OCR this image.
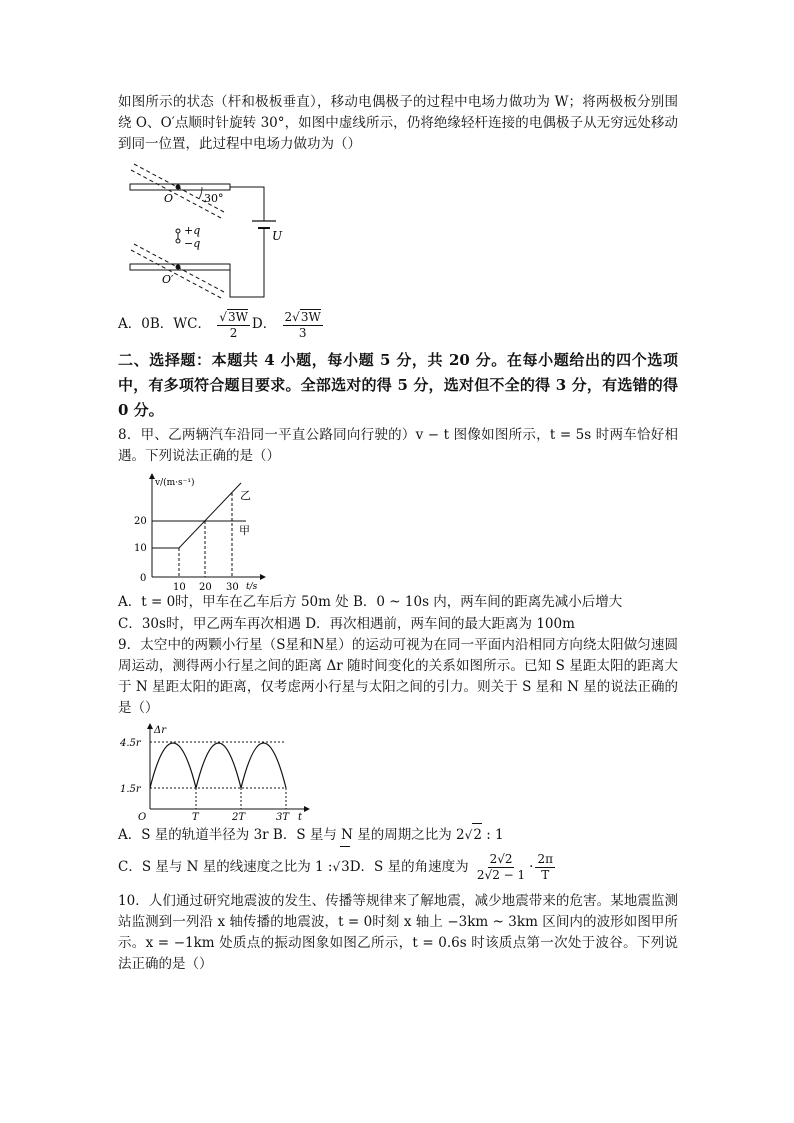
如图所示的状态（杆和极板垂直），移动电偶极子的过程中电场力做功为 W；将两极板分别围绕 O、O′点顺时针旋转 30°，如图中虚线所示，仍将绝缘轻杆连接的电偶极子从无穷远处移动到同一位置，此过程中电场力做功为（）

30°
O
O′
+q
−q
U

A．0B．WC． $\frac{√3W}{2}$ D． $\frac{2√3W}{3}$

二、选择题：本题共 4 小题，每小题 5 分，共 20 分。在每小题给出的四个选项中，有多项符合题目要求。全部选对的得 5 分，选对但不全的得 3 分，有选错的得 0 分。

8．甲、乙两辆汽车沿同一平直公路同向行驶的）v − t 图像如图所示，t = 5s 时两车恰好相遇。下列说法正确的是（）

v/(m·s⁻¹)
t/s
0
20
10
10 20 30
乙
甲

A．t = 0时，甲车在乙车后方 50m 处 B．0 ~ 10s 内，两车间的距离先减小后增大

C．30s时，甲乙两车再次相遇 D．再次相遇前，两车间的最大距离为 100m

9．太空中的两颗小行星（S星和N星）的运动可视为在同一平面内沿相同方向绕太阳做匀速圆周运动，测得两小行星之间的距离 Δr 随时间变化的关系如图所示。已知 S 星距太阳的距离大于 N 星距太阳的距离，仅考虑两小行星与太阳之间的引力。则关于 S 星和 N 星的说法正确的是（）

Δr
4.5r
1.5r
O	T	2T	3T t

A．S 星的轨道半径为 3r B．S 星与 N 星的周期之比为 2√2 : 1

C．S 星与 N 星的线速度之比为 1 :√3D．S 星的角速度为 $\frac{2√2}{2√2 - 1} \cdot \frac{2\pi}{T}$

10．人们通过研究地震波的发生、传播等规律来了解地震，减少地震带来的危害。某地震监测站监测到一列沿 x 轴传播的地震波，t = 0时刻 x 轴上 −3km ~ 3km 区间内的波形如图甲所示。x = −1km 处质点的振动图象如图乙所示，t = 0.6s 时该质点第一次处于波谷。下列说法正确的是（）
